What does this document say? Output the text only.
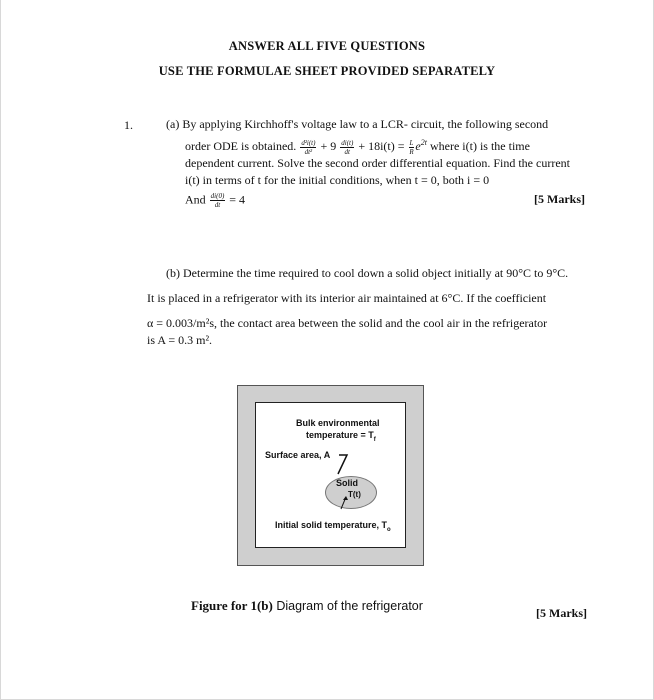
ANSWER ALL FIVE QUESTIONS
USE THE FORMULAE SHEET PROVIDED SEPARATELY
1.	(a) By applying Kirchhoff's voltage law to a LCR- circuit, the following second
order ODE is obtained. $\frac{\text{d²i(t)}}{\text{dt²}} + 9 \frac{di(t)}{dt} + 18i(t) = \frac{L}{R} e^{2t}$ where i(t) is the time
dependent current. Solve the second order differential equation. Find the current
i(t) in terms of t for the initial conditions, when t = 0, both i = 0
And $\frac{di(0)}{dt} = 4$	[5 Marks]
(b) Determine the time required to cool down a solid object initially at 90°C to 9°C.
It is placed in a refrigerator with its interior air maintained at 6°C. If the coefficient
α = 0.003/m²s, the contact area between the solid and the cool air in the refrigerator
is A = 0.3 m².
Bulk environmental
temperature = $T_f$
Surface area, A
Solid
T(t)
Initial solid temperature, $T_o$
Figure for 1(b) Diagram of the refrigerator	[5 Marks]
